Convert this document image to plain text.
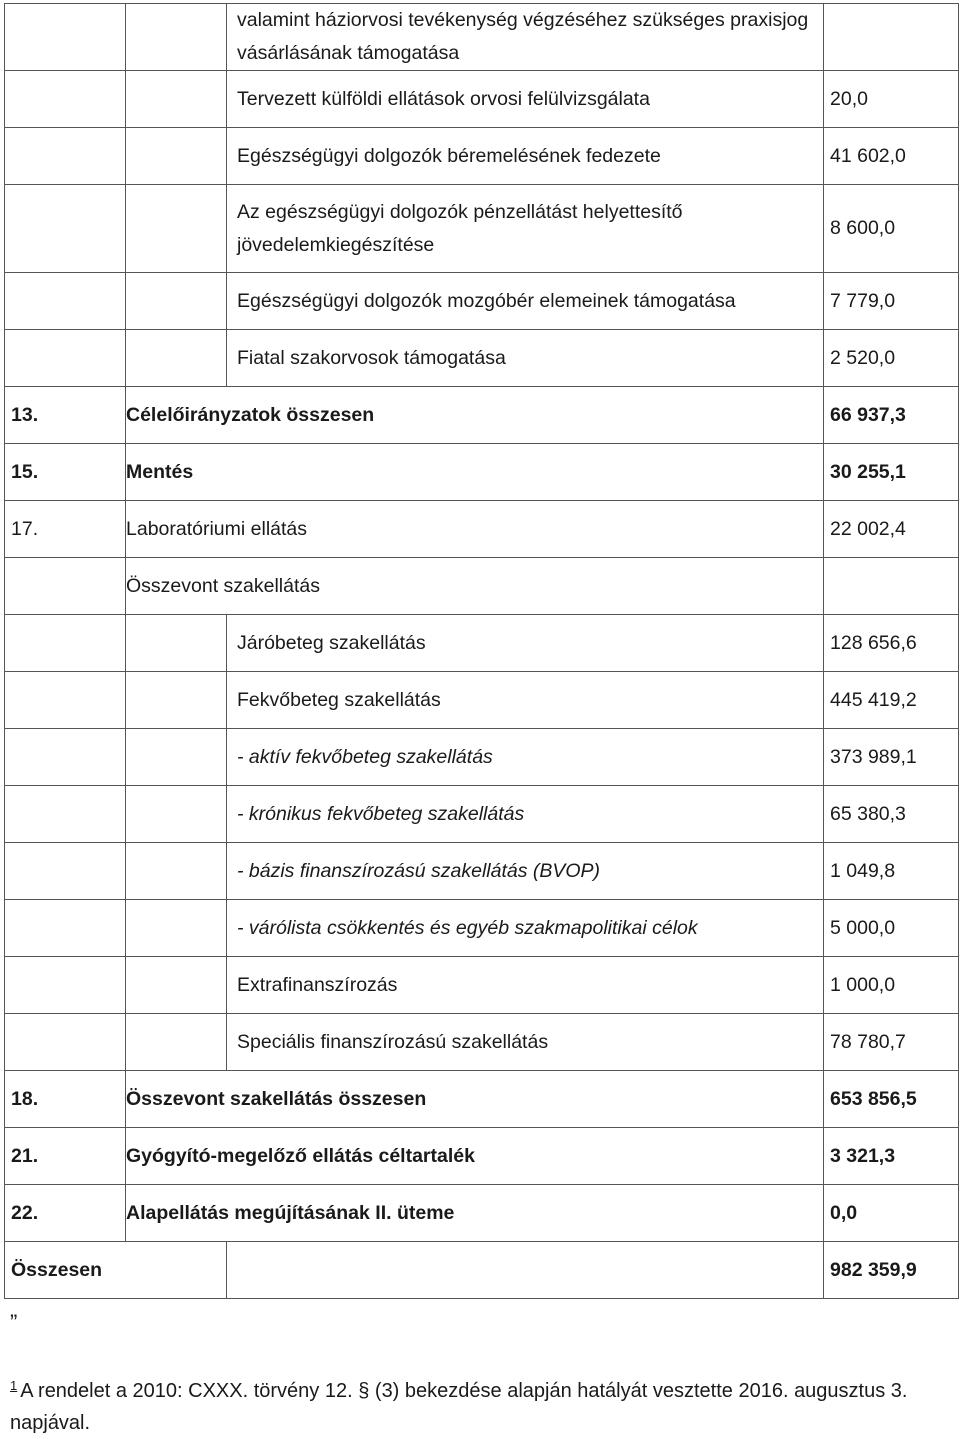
		valamint háziorvosi tevékenység végzéséhez szükséges praxisjog vásárlásának támogatása	
		Tervezett külföldi ellátások orvosi felülvizsgálata	20,0
		Egészségügyi dolgozók béremelésének fedezete	41 602,0
		Az egészségügyi dolgozók pénzellátást helyettesítő jövedelemkiegészítése	8 600,0
		Egészségügyi dolgozók mozgóbér elemeinek támogatása	7 779,0
		Fiatal szakorvosok támogatása	2 520,0
13.	Célelőirányzatok összesen		66 937,3
15.	Mentés		30 255,1
17.	Laboratóriumi ellátás		22 002,4
	Összevont szakellátás		
		Járóbeteg szakellátás	128 656,6
		Fekvőbeteg szakellátás	445 419,2
		- aktív fekvőbeteg szakellátás	373 989,1
		- krónikus fekvőbeteg szakellátás	65 380,3
		- bázis finanszírozású szakellátás (BVOP)	1 049,8
		- várólista csökkentés és egyéb szakmapolitikai célok	5 000,0
		Extrafinanszírozás	1 000,0
		Speciális finanszírozású szakellátás	78 780,7
18.	Összevont szakellátás összesen		653 856,5
21.	Gyógyító-megelőző ellátás céltartalék		3 321,3
22.	Alapellátás megújításának II. üteme		0,0
Összesen			982 359,9
”
$^1$ A rendelet a 2010: CXXX. törvény 12. § (3) bekezdése alapján hatályát vesztette 2016. augusztus 3. napjával.
